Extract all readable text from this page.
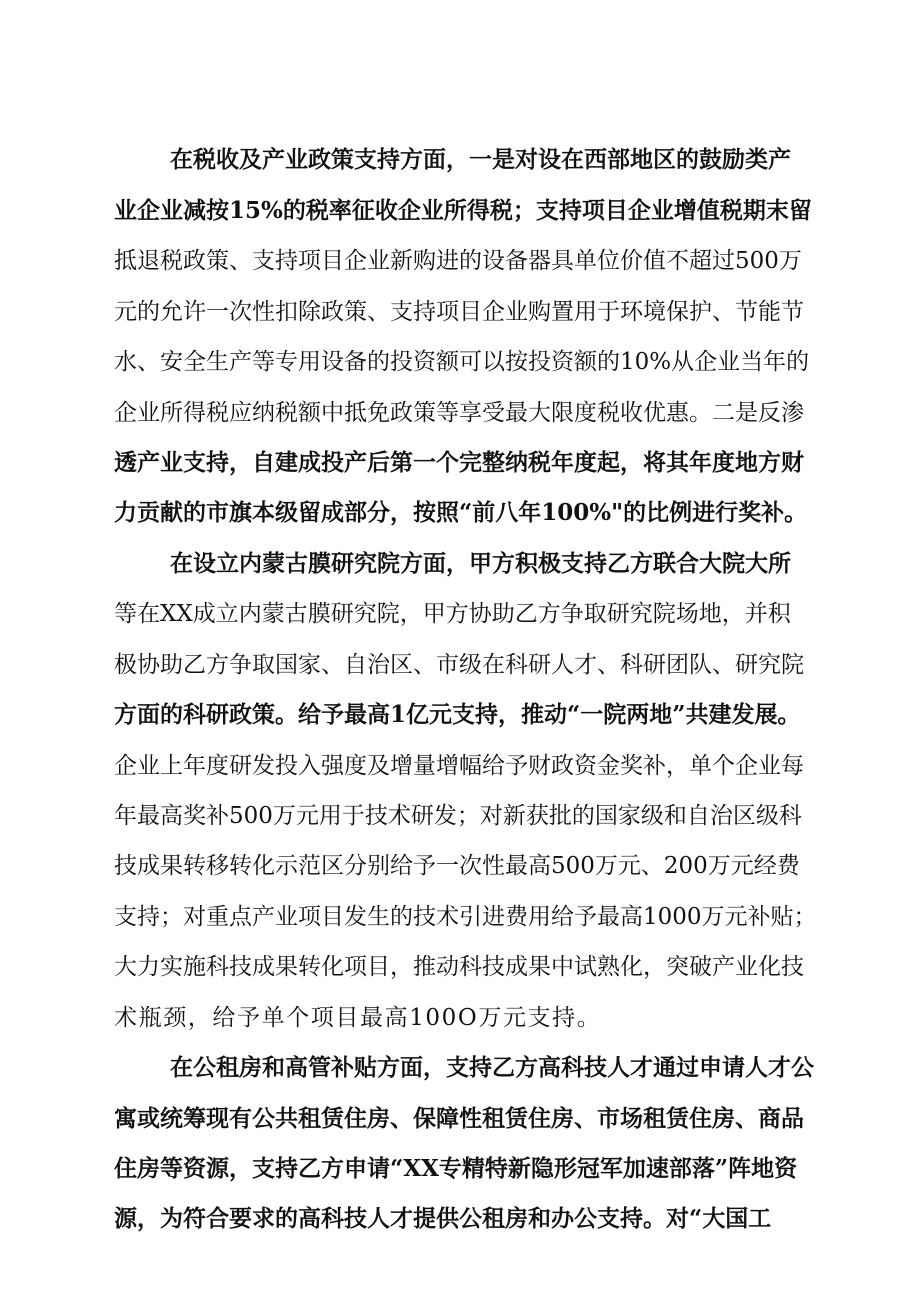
在税收及产业政策支持方面，一是对设在西部地区的鼓励类产
业企业减按15%的税率征收企业所得税；支持项目企业增值税期末留
抵退税政策、支持项目企业新购进的设备器具单位价值不超过500万
元的允许一次性扣除政策、支持项目企业购置用于环境保护、节能节
水、安全生产等专用设备的投资额可以按投资额的10%从企业当年的
企业所得税应纳税额中抵免政策等享受最大限度税收优惠。二是反渗
透产业支持，自建成投产后第一个完整纳税年度起，将其年度地方财
力贡献的市旗本级留成部分，按照“前八年100%"的比例进行奖补。
在设立内蒙古膜研究院方面，甲方积极支持乙方联合大院大所
等在XX成立内蒙古膜研究院，甲方协助乙方争取研究院场地，并积
极协助乙方争取国家、自治区、市级在科研人才、科研团队、研究院
方面的科研政策。给予最高1亿元支持，推动“一院两地”共建发展。
企业上年度研发投入强度及增量增幅给予财政资金奖补，单个企业每
年最高奖补500万元用于技术研发；对新获批的国家级和自治区级科
技成果转移转化示范区分别给予一次性最高500万元、200万元经费
支持；对重点产业项目发生的技术引进费用给予最高1000万元补贴；
大力实施科技成果转化项目，推动科技成果中试熟化，突破产业化技
术瓶颈，给予单个项目最高100O万元支持。
在公租房和高管补贴方面，支持乙方高科技人才通过申请人才公
寓或统筹现有公共租赁住房、保障性租赁住房、市场租赁住房、商品
住房等资源，支持乙方申请“XX专精特新隐形冠军加速部落”阵地资
源，为符合要求的高科技人才提供公租房和办公支持。对“大国工
